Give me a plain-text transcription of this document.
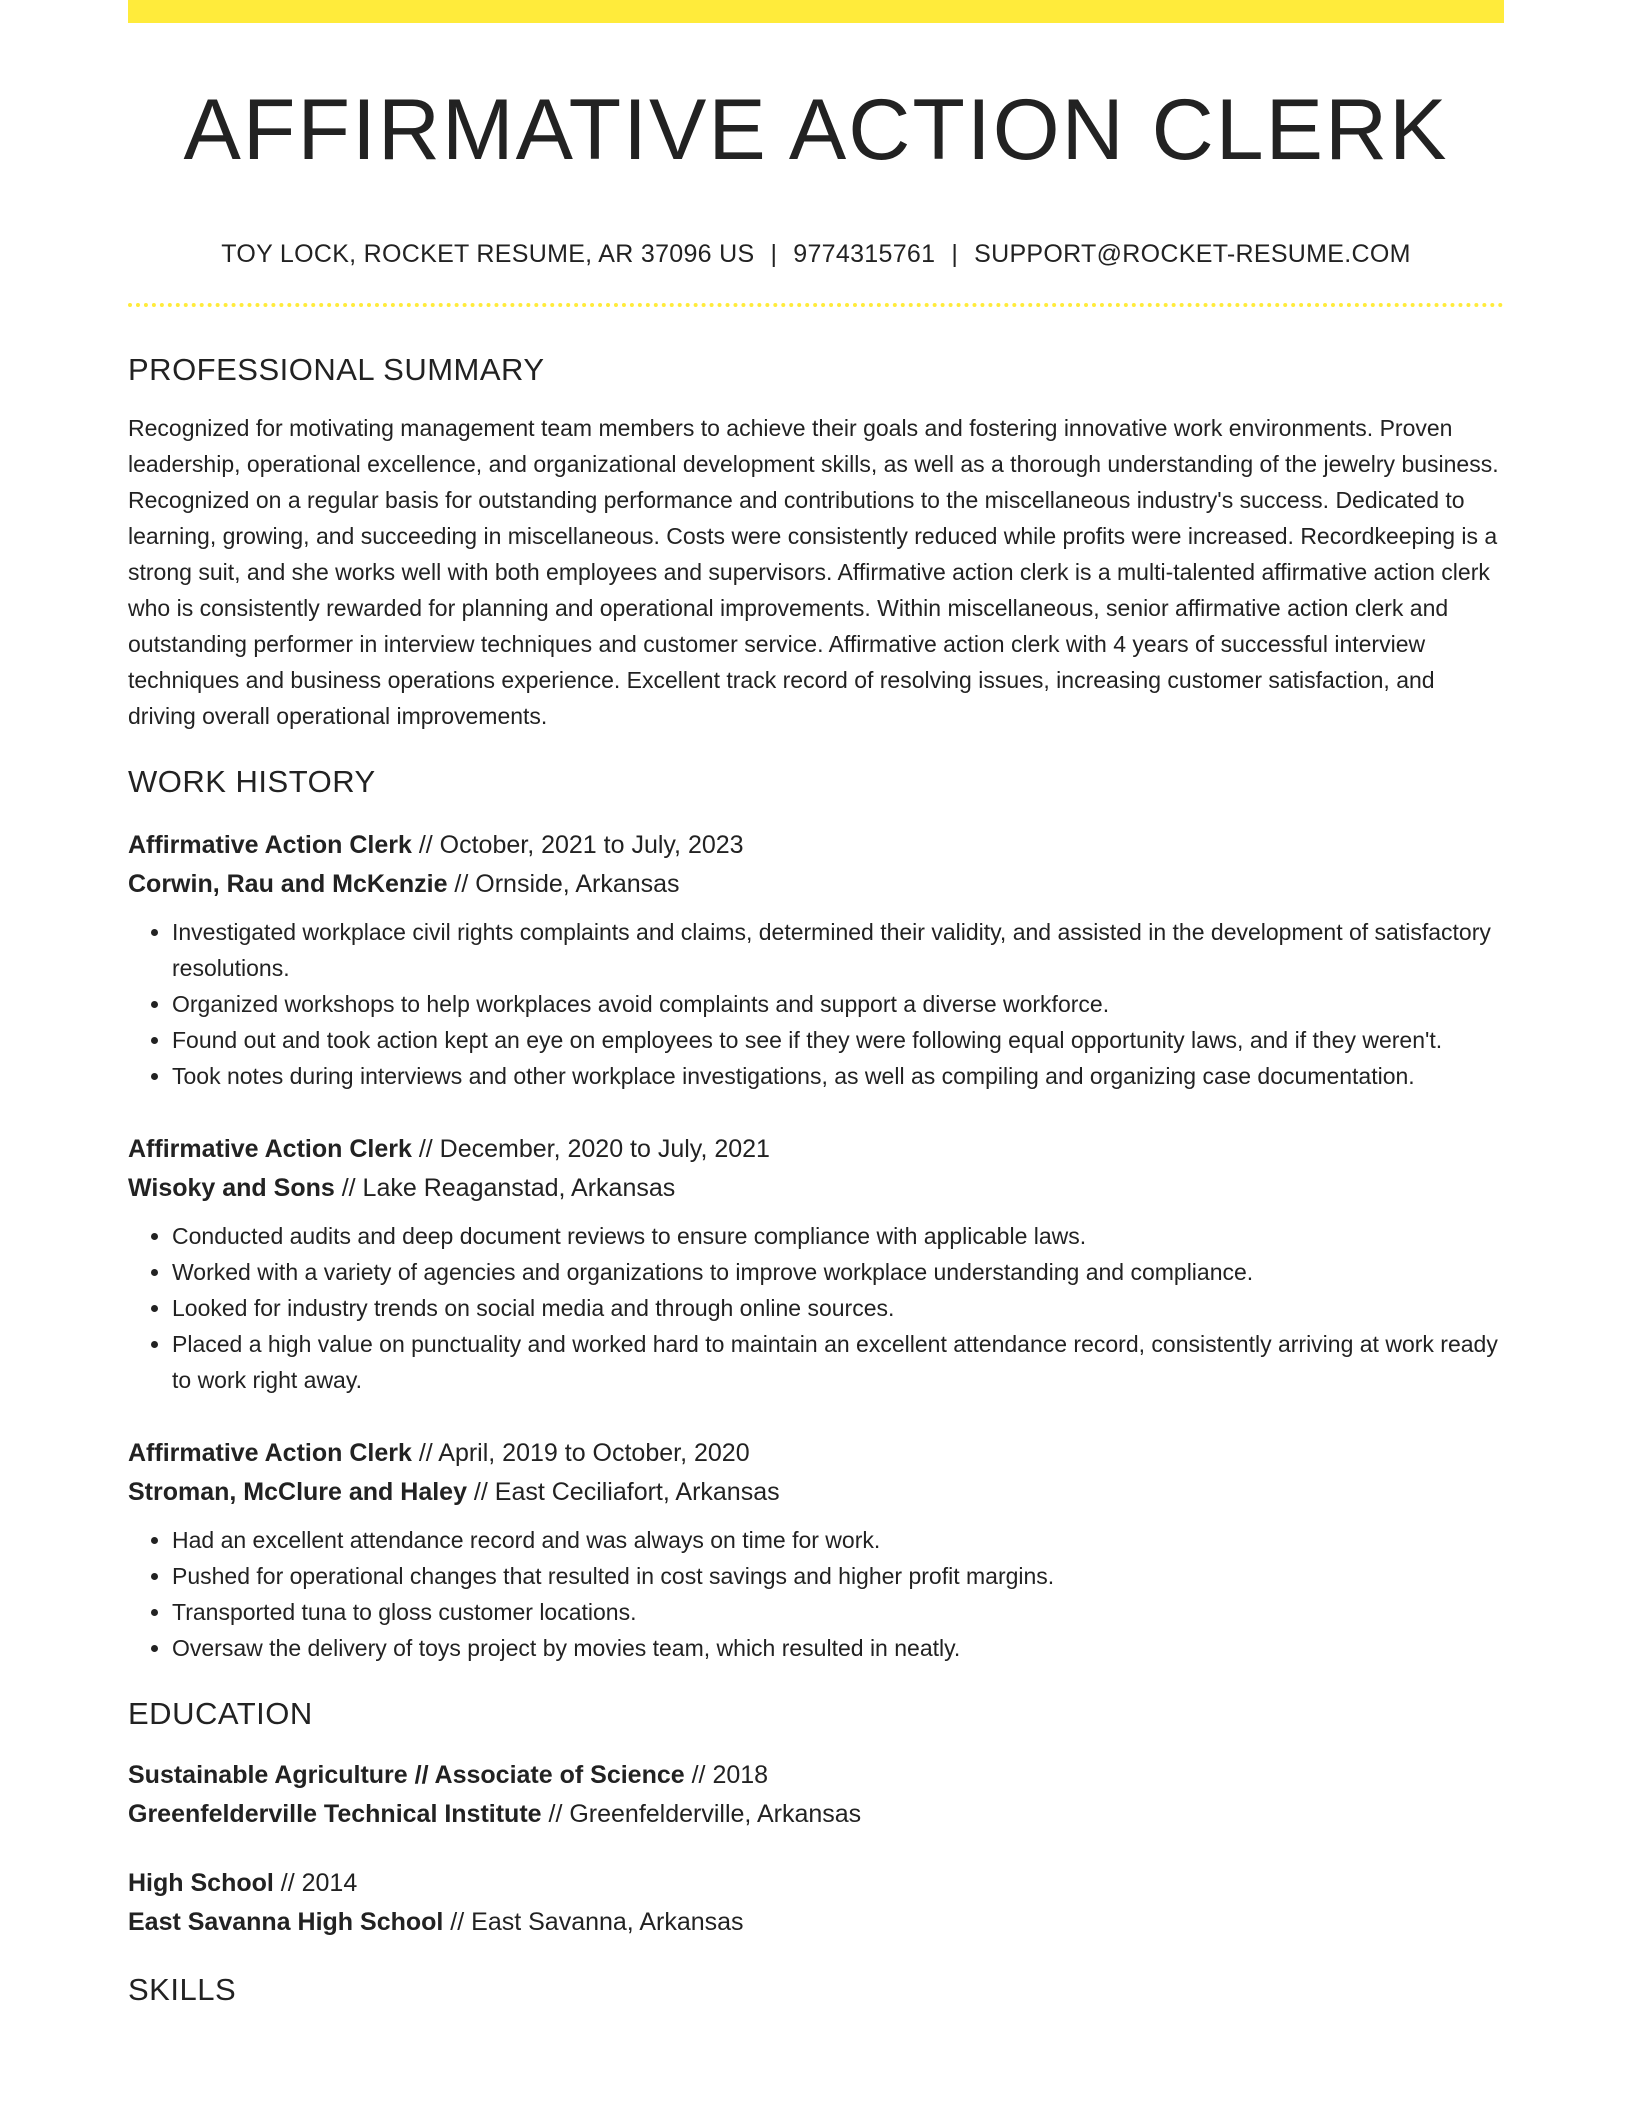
AFFIRMATIVE ACTION CLERK
TOY LOCK, ROCKET RESUME, AR 37096 US | 9774315761 | SUPPORT@ROCKET-RESUME.COM
PROFESSIONAL SUMMARY
Recognized for motivating management team members to achieve their goals and fostering innovative work environments. Proven leadership, operational excellence, and organizational development skills, as well as a thorough understanding of the jewelry business. Recognized on a regular basis for outstanding performance and contributions to the miscellaneous industry's success. Dedicated to learning, growing, and succeeding in miscellaneous. Costs were consistently reduced while profits were increased. Recordkeeping is a strong suit, and she works well with both employees and supervisors. Affirmative action clerk is a multi-talented affirmative action clerk who is consistently rewarded for planning and operational improvements. Within miscellaneous, senior affirmative action clerk and outstanding performer in interview techniques and customer service. Affirmative action clerk with 4 years of successful interview techniques and business operations experience. Excellent track record of resolving issues, increasing customer satisfaction, and driving overall operational improvements.
WORK HISTORY
Affirmative Action Clerk // October, 2021 to July, 2023
Corwin, Rau and McKenzie // Ornside, Arkansas
• Investigated workplace civil rights complaints and claims, determined their validity, and assisted in the development of satisfactory resolutions.
• Organized workshops to help workplaces avoid complaints and support a diverse workforce.
• Found out and took action kept an eye on employees to see if they were following equal opportunity laws, and if they weren't.
• Took notes during interviews and other workplace investigations, as well as compiling and organizing case documentation.
Affirmative Action Clerk // December, 2020 to July, 2021
Wisoky and Sons // Lake Reaganstad, Arkansas
• Conducted audits and deep document reviews to ensure compliance with applicable laws.
• Worked with a variety of agencies and organizations to improve workplace understanding and compliance.
• Looked for industry trends on social media and through online sources.
• Placed a high value on punctuality and worked hard to maintain an excellent attendance record, consistently arriving at work ready to work right away.
Affirmative Action Clerk // April, 2019 to October, 2020
Stroman, McClure and Haley // East Ceciliafort, Arkansas
• Had an excellent attendance record and was always on time for work.
• Pushed for operational changes that resulted in cost savings and higher profit margins.
• Transported tuna to gloss customer locations.
• Oversaw the delivery of toys project by movies team, which resulted in neatly.
EDUCATION
Sustainable Agriculture // Associate of Science // 2018
Greenfelderville Technical Institute // Greenfelderville, Arkansas
High School // 2014
East Savanna High School // East Savanna, Arkansas
SKILLS
